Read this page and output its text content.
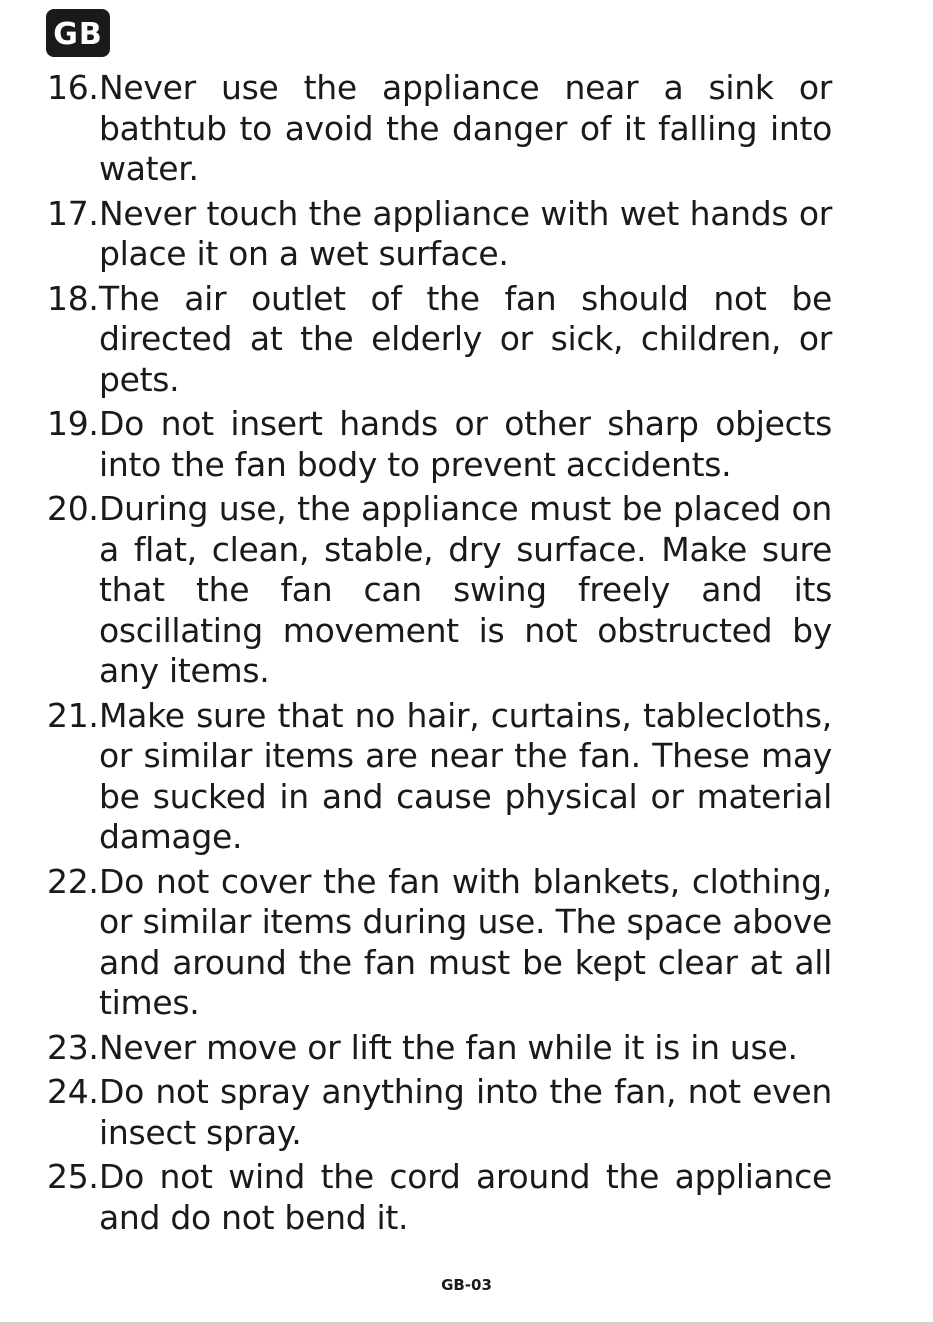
GB
16. Never use the appliance near a sink or bathtub to avoid the danger of it falling into water.
17. Never touch the appliance with wet hands or place it on a wet surface.
18. The air outlet of the fan should not be directed at the elderly or sick, children, or pets.
19. Do not insert hands or other sharp objects into the fan body to prevent accidents.
20. During use, the appliance must be placed on a flat, clean, stable, dry surface. Make sure that the fan can swing freely and its oscillating movement is not obstructed by any items.
21. Make sure that no hair, curtains, tablecloths, or similar items are near the fan. These may be sucked in and cause physical or material damage.
22. Do not cover the fan with blankets, clothing, or similar items during use. The space above and around the fan must be kept clear at all times.
23. Never move or lift the fan while it is in use.
24. Do not spray anything into the fan, not even insect spray.
25. Do not wind the cord around the appliance and do not bend it.
GB-03
